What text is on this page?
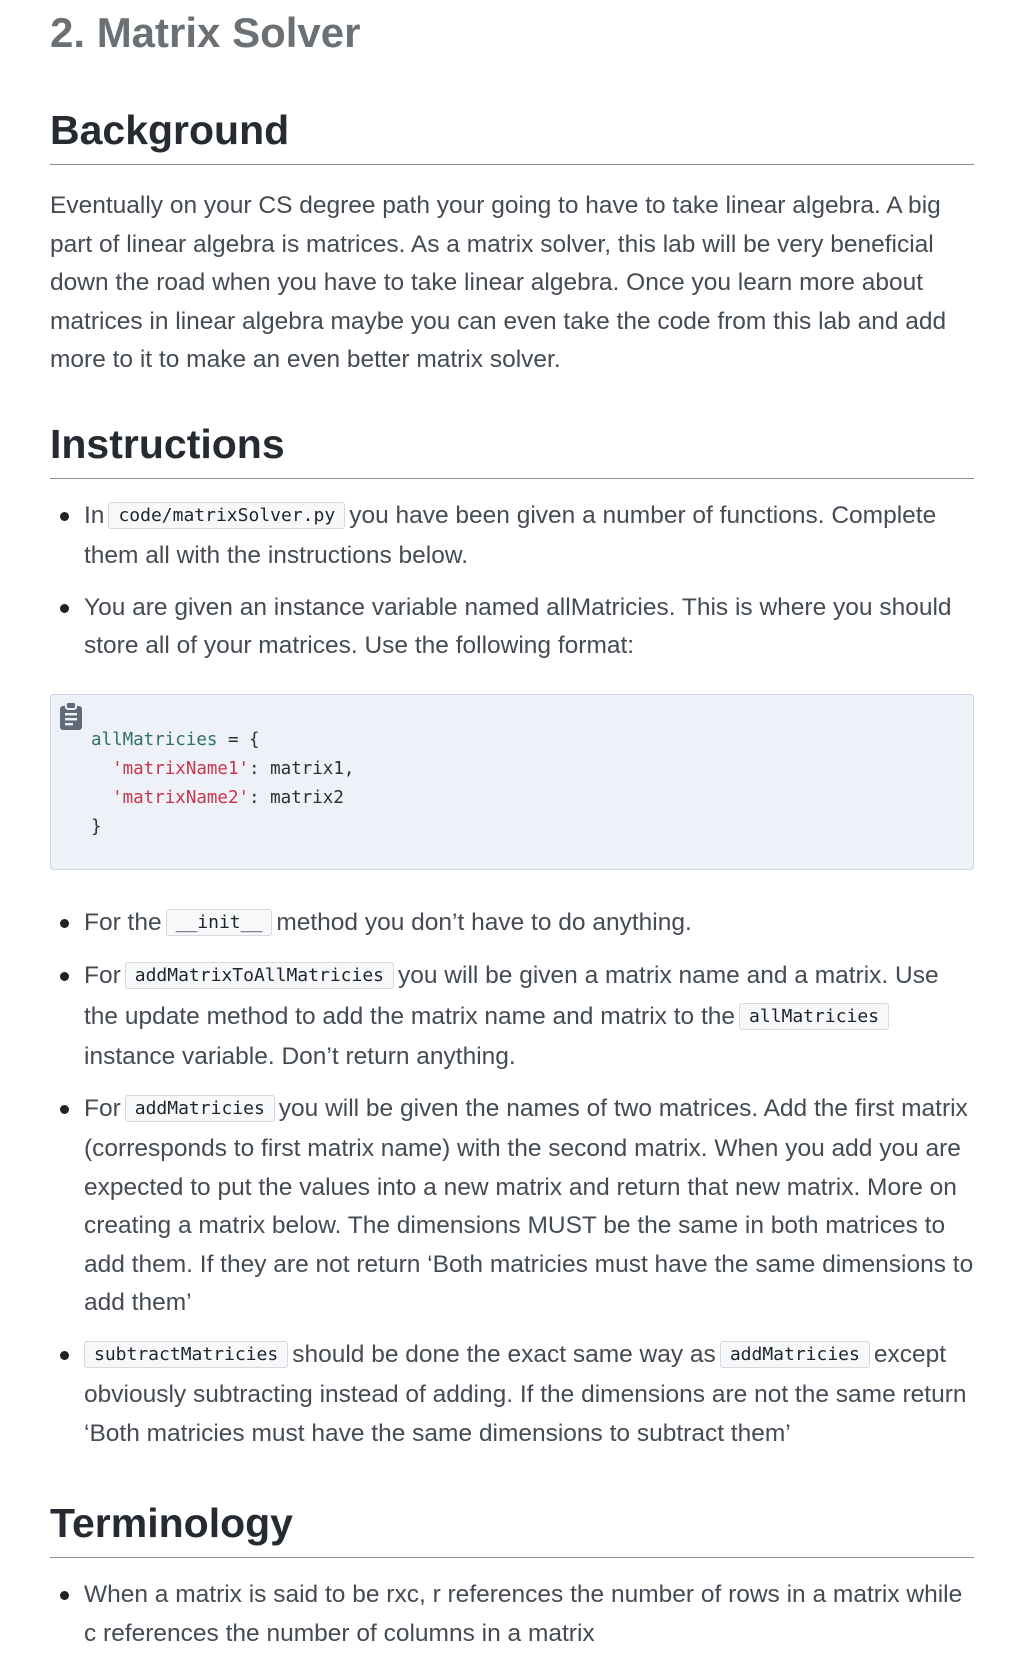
2. Matrix Solver
Background

Eventually on your CS degree path your going to have to take linear algebra. A big part of linear algebra is matrices. As a matrix solver, this lab will be very beneficial down the road when you have to take linear algebra. Once you learn more about matrices in linear algebra maybe you can even take the code from this lab and add more to it to make an even better matrix solver.

Instructions
In code/matrixSolver.py you have been given a number of functions. Complete them all with the instructions below.
You are given an instance variable named allMatricies. This is where you should store all of your matrices. Use the following format:
allMatricies = {
'matrixName1': matrix1,
'matrixName2': matrix2
}
For the __init__ method you don’t have to do anything.
For addMatrixToAllMatricies you will be given a matrix name and a matrix. Use the update method to add the matrix name and matrix to the allMatricies
instance variable. Don’t return anything.
For addMatricies you will be given the names of two matrices. Add the first matrix (corresponds to first matrix name) with the second matrix. When you add you are expected to put the values into a new matrix and return that new matrix. More on creating a matrix below. The dimensions MUST be the same in both matrices to add them. If they are not return ‘Both matricies must have the same dimensions to add them’
subtractMatricies should be done the exact same way as addMatricies except obviously subtracting instead of adding. If the dimensions are not the same return ‘Both matricies must have the same dimensions to subtract them’
Terminology
When a matrix is said to be rxc, r references the number of rows in a matrix while c references the number of columns in a matrix
